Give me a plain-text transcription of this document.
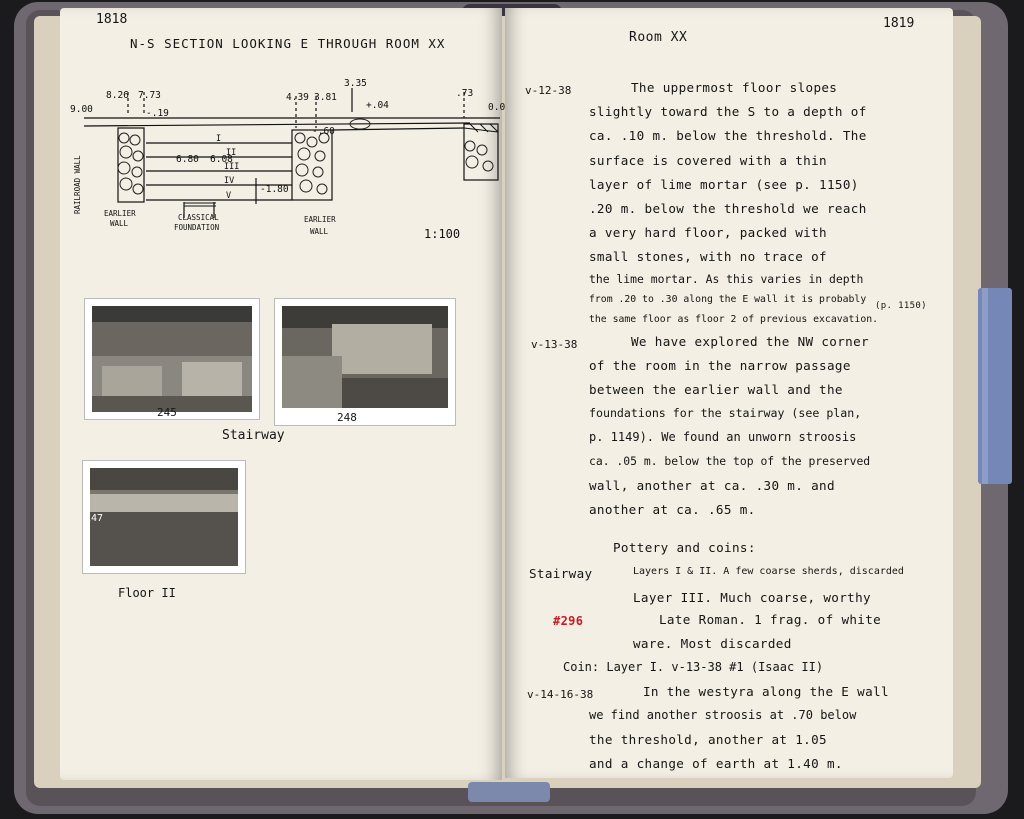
1818
N-S SECTION LOOKING E THROUGH ROOM XX
9.00
8.26 7.73
-.19
6.80 6.08
4.39 3.81
3.35
+.04
-.60
-1.80
.73
0.0
I
II
III
IV
V
RAILROAD WALL	EARLIER
WALL
CLASSICAL
FOUNDATION
EARLIER
WALL	1:100
245	248
Stairway
247
Floor II
1819
Room XX
v-12-38	The uppermost floor slopes
slightly toward the S to a depth of
ca. .10 m. below the threshold. The
surface is covered with a thin
layer of lime mortar (see p. 1150)
.20 m. below the threshold we reach
a very hard floor, packed with
small stones, with no trace of
the lime mortar. As this varies in depth
from .20 to .30 along the E wall it is probably
(p. 1150)
the same floor as floor 2 of previous excavation.
v-13-38	We have explored the NW corner
of the room in the narrow passage
between the earlier wall and the
foundations for the stairway (see plan,
p. 1149). We found an unworn stroosis
ca. .05 m. below the top of the preserved
wall, another at ca. .30 m. and
another at ca. .65 m.
Pottery and coins:
Stairway	Layers I & II. A few coarse sherds, discarded
Layer III. Much coarse, worthy
#296	Late Roman. 1 frag. of white
ware. Most discarded
Coin: Layer I. v-13-38 #1 (Isaac II)
v-14-16-38	In the westyra along the E wall
we find another stroosis at .70 below
the threshold, another at 1.05
and a change of earth at 1.40 m.
